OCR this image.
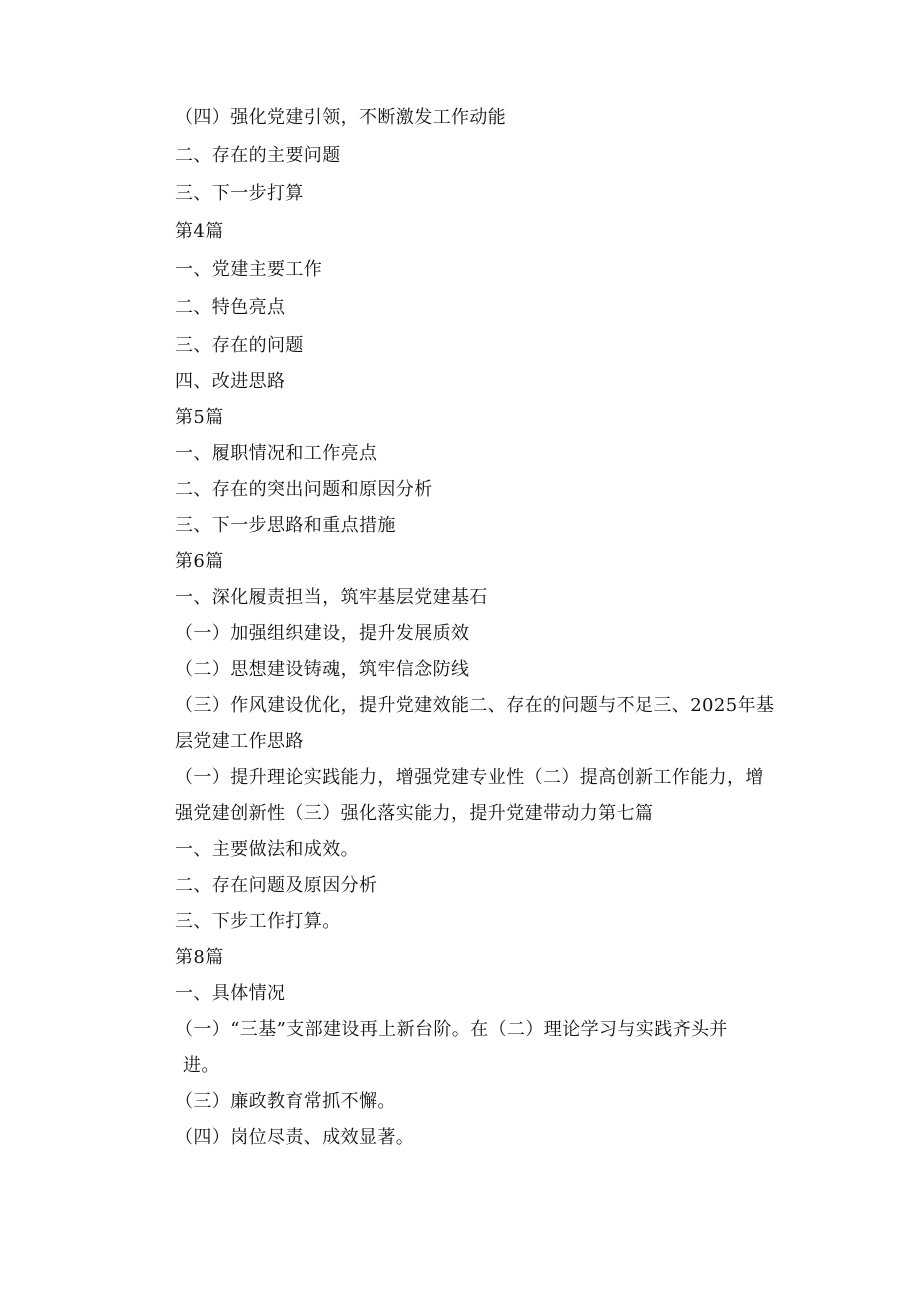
（四）强化党建引领，不断激发工作动能

二、存在的主要问题

三、下一步打算

第4篇

一、党建主要工作

二、特色亮点

三、存在的问题

四、改进思路

第5篇

一、履职情况和工作亮点

二、存在的突出问题和原因分析

三、下一步思路和重点措施

第6篇

一、深化履责担当，筑牢基层党建基石

（一）加强组织建设，提升发展质效

（二）思想建设铸魂，筑牢信念防线

（三）作风建设优化，提升党建效能二、存在的问题与不足三、2025年基

层党建工作思路

（一）提升理论实践能力，增强党建专业性（二）提高创新工作能力，增

强党建创新性（三）强化落实能力，提升党建带动力第七篇

一、主要做法和成效。

二、存在问题及原因分析

三、下步工作打算。

第8篇

一、具体情况

（一）“三基”支部建设再上新台阶。在（二）理论学习与实践齐头并

进。

（三）廉政教育常抓不懈。

（四）岗位尽责、成效显著。
